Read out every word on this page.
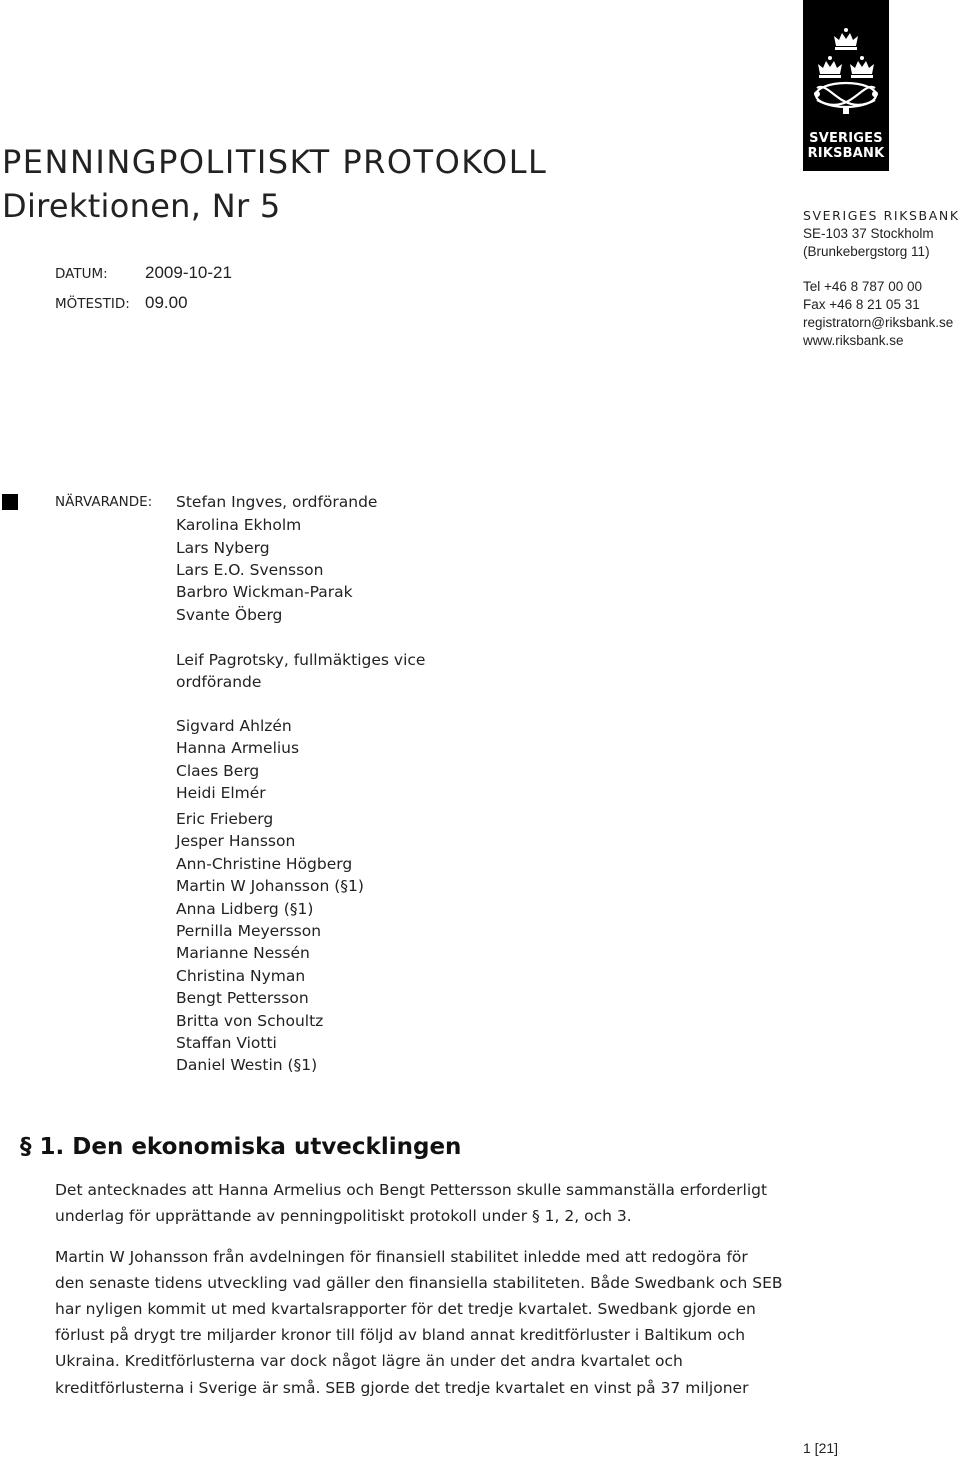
SVERIGES
RIKSBANK
PENNINGPOLITISKT PROTOKOLL
Direktionen, Nr 5
DATUM: 2009-10-21
MÖTESTID: 09.00
SVERIGES RIKSBANK
SE-103 37 Stockholm
(Brunkebergstorg 11)
Tel +46 8 787 00 00
Fax +46 8 21 05 31
registratorn@riksbank.se
www.riksbank.se
NÄRVARANDE: Stefan Ingves, ordförande
Karolina Ekholm
Lars Nyberg
Lars E.O. Svensson
Barbro Wickman-Parak
Svante Öberg
Leif Pagrotsky, fullmäktiges vice
ordförande
Sigvard Ahlzén
Hanna Armelius
Claes Berg
Heidi Elmér
Eric Frieberg
Jesper Hansson
Ann-Christine Högberg
Martin W Johansson (§1)
Anna Lidberg (§1)
Pernilla Meyersson
Marianne Nessén
Christina Nyman
Bengt Pettersson
Britta von Schoultz
Staffan Viotti
Daniel Westin (§1)
§ 1. Den ekonomiska utvecklingen
Det antecknades att Hanna Armelius och Bengt Pettersson skulle sammanställa erforderligt
underlag för upprättande av penningpolitiskt protokoll under § 1, 2, och 3.
Martin W Johansson från avdelningen för finansiell stabilitet inledde med att redogöra för
den senaste tidens utveckling vad gäller den finansiella stabiliteten. Både Swedbank och SEB
har nyligen kommit ut med kvartalsrapporter för det tredje kvartalet. Swedbank gjorde en
förlust på drygt tre miljarder kronor till följd av bland annat kreditförluster i Baltikum och
Ukraina. Kreditförlusterna var dock något lägre än under det andra kvartalet och
kreditförlusterna i Sverige är små. SEB gjorde det tredje kvartalet en vinst på 37 miljoner
1 [21]
